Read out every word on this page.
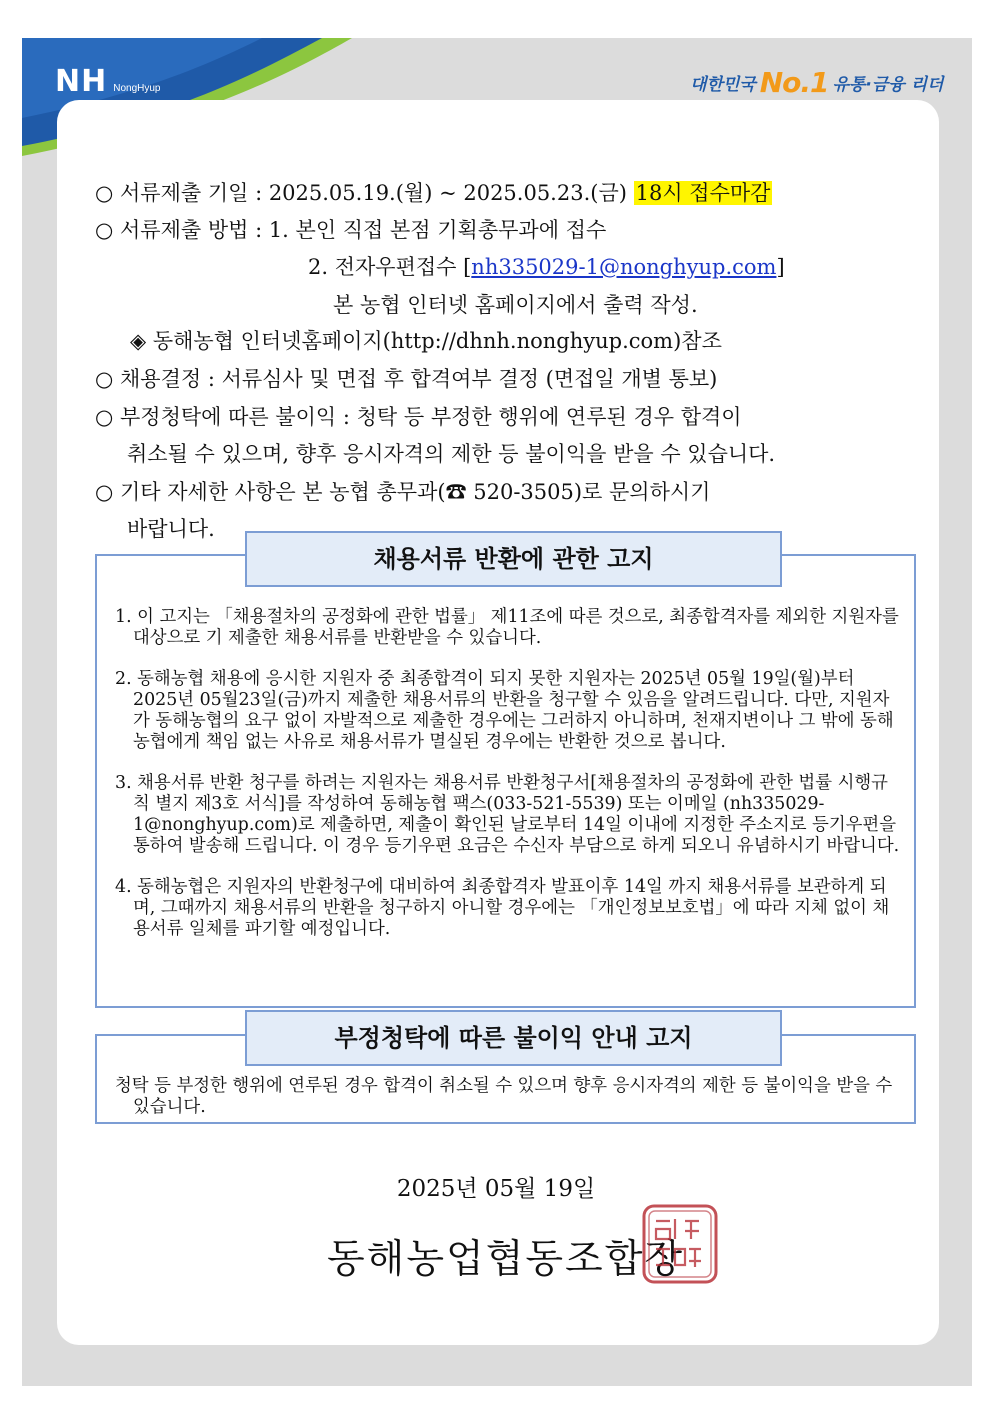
NH NongHyup	대한민국 No.1 유통·금융 리더
○ 서류제출 기일 : 2025.05.19.(월) ~ 2025.05.23.(금) 18시 접수마감
○ 서류제출 방법 : 1. 본인 직접 본점 기획총무과에 접수
2. 전자우편접수 [nh335029-1@nonghyup.com]
본 농협 인터넷 홈페이지에서 출력 작성.
◈ 동해농협 인터넷홈페이지(http://dhnh.nonghyup.com)참조
○ 채용결정 : 서류심사 및 면접 후 합격여부 결정 (면접일 개별 통보)
○ 부정청탁에 따른 불이익 : 청탁 등 부정한 행위에 연루된 경우 합격이
취소될 수 있으며, 향후 응시자격의 제한 등 불이익을 받을 수 있습니다.
○ 기타 자세한 사항은 본 농협 총무과(☎ 520-3505)로 문의하시기
바랍니다.
채용서류 반환에 관한 고지

1. 이 고지는 「채용절차의 공정화에 관한 법률」 제11조에 따른 것으로, 최종합격자를 제외한 지원자를 대상으로 기 제출한 채용서류를 반환받을 수 있습니다.

2. 동해농협 채용에 응시한 지원자 중 최종합격이 되지 못한 지원자는 2025년 05월 19일(월)부터 2025년 05월23일(금)까지 제출한 채용서류의 반환을 청구할 수 있음을 알려드립니다. 다만, 지원자가 동해농협의 요구 없이 자발적으로 제출한 경우에는 그러하지 아니하며, 천재지변이나 그 밖에 동해농협에게 책임 없는 사유로 채용서류가 멸실된 경우에는 반환한 것으로 봅니다.

3. 채용서류 반환 청구를 하려는 지원자는 채용서류 반환청구서[채용절차의 공정화에 관한 법률 시행규칙 별지 제3호 서식]를 작성하여 동해농협 팩스(033-521-5539) 또는 이메일 (nh335029-1@nonghyup.com)로 제출하면, 제출이 확인된 날로부터 14일 이내에 지정한 주소지로 등기우편을 통하여 발송해 드립니다. 이 경우 등기우편 요금은 수신자 부담으로 하게 되오니 유념하시기 바랍니다.

4. 동해농협은 지원자의 반환청구에 대비하여 최종합격자 발표이후 14일 까지 채용서류를 보관하게 되며, 그때까지 채용서류의 반환을 청구하지 아니할 경우에는 「개인정보보호법」에 따라 지체 없이 채용서류 일체를 파기할 예정입니다.

부정청탁에 따른 불이익 안내 고지

청탁 등 부정한 행위에 연루된 경우 합격이 취소될 수 있으며 향후 응시자격의 제한 등 불이익을 받을 수 있습니다.

2025년 05월 19일
동해농업협동조합장
